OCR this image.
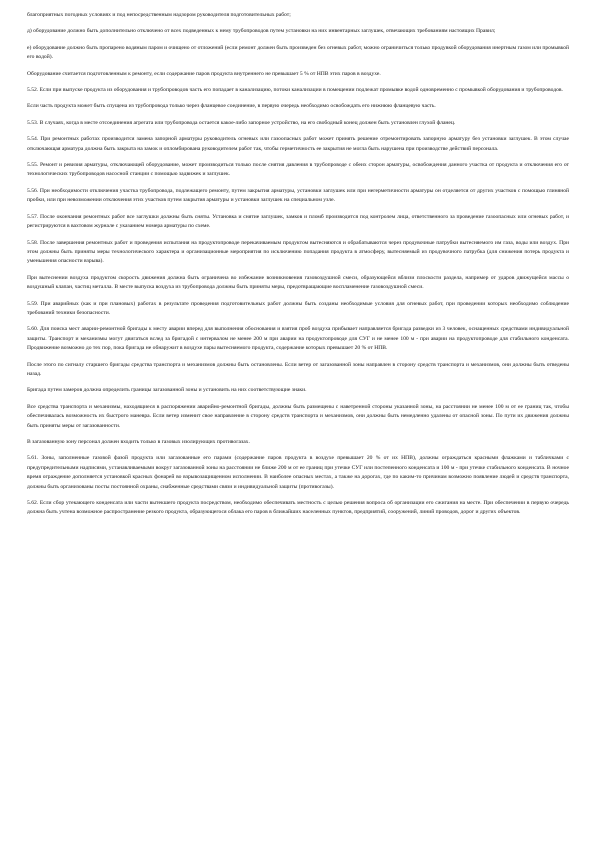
благоприятных погодных условиях и под непосредственным надзором руководителя подготовительных работ;

д) оборудование должно быть дополнительно отключено от всех подведенных к нему трубопроводов путем установки на них инвентарных заглушек, отвечающих требованиям настоящих Правил;

е) оборудование должно быть пропарено водяным паром и очищено от отложений (если ремонт должен быть произведен без огневых работ, можно ограничиться только продувкой оборудования инертным газом или промывкой его водой).

Оборудование считается подготовленным к ремонту, если содержание паров продукта внутреннего не превышает 5 % от НПВ этих паров в воздухе.

5.52. Если при выпуске продукта из оборудования и трубопроводов часть его попадает в канализацию, потоки канализации в помещении подлежат промывке водой одновременно с промывкой оборудования и трубопроводов.

Если часть продукта может быть спущена из трубопровода только через фланцевое соединение, в первую очередь необходимо освобождать его нижнюю фланцевую часть.

5.53. В случаях, когда в месте отсоединения агрегата или трубопровода остается какое-либо запорное устройство, на его свободный конец должен быть установлен глухой фланец.

5.54. При ремонтных работах производится замена запорной арматуры руководитель огневых или газоопасных работ может принять решение отремонтировать запорную арматуру без установки заглушек. В этом случае отключающая арматура должна быть закрыта на замок и опломбирована руководителем работ так, чтобы герметичность ее закрытия не могла быть нарушена при производстве действий персонала.

5.55. Ремонт и ревизия арматуры, отключающей оборудование, может производиться только после снятия давления в трубопроводе с обеих сторон арматуры, освобождения данного участка от продукта и отключения его от технологических трубопроводов насосной станции с помощью задвижек и заглушек.

5.56. При необходимости отключения участка трубопровода, подлежащего ремонту, путем закрытия арматуры, установки заглушек или при негерметичности арматуры он отделяется от других участков с помощью глиняной пробки, или при невозможении отключения этих участков путем закрытия арматуры и установки заглушек на специальном узле.

5.57. После окончания ремонтных работ все заглушки должны быть сняты. Установка и снятие заглушек, замков и пломб производится под контролем лица, ответственного за проведение газоопасных или огневых работ, и регистрируются в вахтовом журнале с указанием номера арматуры по схеме.

5.58. После завершения ремонтных работ и проведения испытания на продуктопроводе перекачиваемым продуктом вытесняются и обрабатываются через продувочные патрубки вытесняемого им газа, воды или воздух. При этом должны быть приняты меры технологического характера и организационные мероприятия по исключению попадания продукта в атмосферу, вытесняемый из продувочного патрубка (для снижения потерь продукта и уменьшения опасности взрыва).

При вытеснении воздуха продуктом скорость движения должна быть ограничена во избежание возникновения газовоздушной смеси, образующейся вблизи плоскости раздела, например от ударов движущейся массы о воздушный клапан, частиц металла. В месте выпуска воздуха из трубопровода должны быть приняты меры, предотвращающие воспламенение газовоздушной смеси.

5.59. При аварийных (как и при плановых) работах в результате проведения подготовительных работ должны быть созданы необходимые условия для огневых работ, при проведении которых необходимо соблюдение требований техники безопасности.

5.60. Для поиска мест аварии-ремонтной бригады к месту аварии вперед для выполнения обоснования и взятия проб воздуха прибывает направляется бригада разведки из 3 человек, оснащенных средствами индивидуальной защиты. Транспорт и механизмы могут двигаться вслед за бригадой с интервалом не менее 200 м при аварии на продуктопроводе для СУГ и не менее 100 м - при аварии на продуктопроводе для стабильного конденсата. Продвижение возможно до тех пор, пока бригада не обнаружит в воздухе пары вытесняемого продукта, содержание которых превышает 20 % от НПВ.

После этого по сигналу старшего бригады средства транспорта и механизмов должны быть остановлены. Если ветер от загазованной зоны направлен в сторону средств транспорта и механизмов, они должны быть отведены назад.

Бригада путем замеров должна определить границы загазованной зоны и установить на них соответствующие знаки.

Все средства транспорта и механизмы, находящиеся в распоряжении аварийно-ремонтной бригады, должны быть размещены с наветренной стороны указанной зоны, на расстоянии не менее 100 м от ее границ так, чтобы обеспечивалась возможность их быстрого маневра. Если ветер изменит свое направление в сторону средств транспорта и механизмов, они должны быть немедленно удалены от опасной зоны. По пути их движения должны быть приняты меры от загазованности.

В загазованную зону персонал должен входить только в газовых изолирующих противогазах.

5.61. Зоны, заполненные газовой фазой продукта или загазованные его парами (содержание паров продукта в воздухе превышает 20 % от их НПВ), должны ограждаться красными флажками и табличками с предупредительными надписями, устанавливаемыми вокруг загазованной зоны на расстоянии не ближе 200 м от ее границ при утечке СУГ или постепенного конденсата и 100 м - при утечке стабильного конденсата. В ночное время ограждение дополняется установкой красных фонарей во взрывозащищенном исполнении. В наиболее опасных местах, а также на дорогах, где по каким-то причинам возможно появление людей и средств транспорта, должны быть организованы посты постоянной охраны, снабженные средствами связи и индивидуальной защиты (противогазы).

5.62. Если сбор утекающего конденсата или части вытекшего продукта посредством, необходимо обеспечивать местность с целью решения вопроса об организации его сжигания на месте. При обеспечении в первую очередь должна быть учтена возможное распространение резкого продукта, образующегося облака его паров в ближайших населенных пунктов, предприятий, сооружений, линий проводов, дорог и других объектов.
